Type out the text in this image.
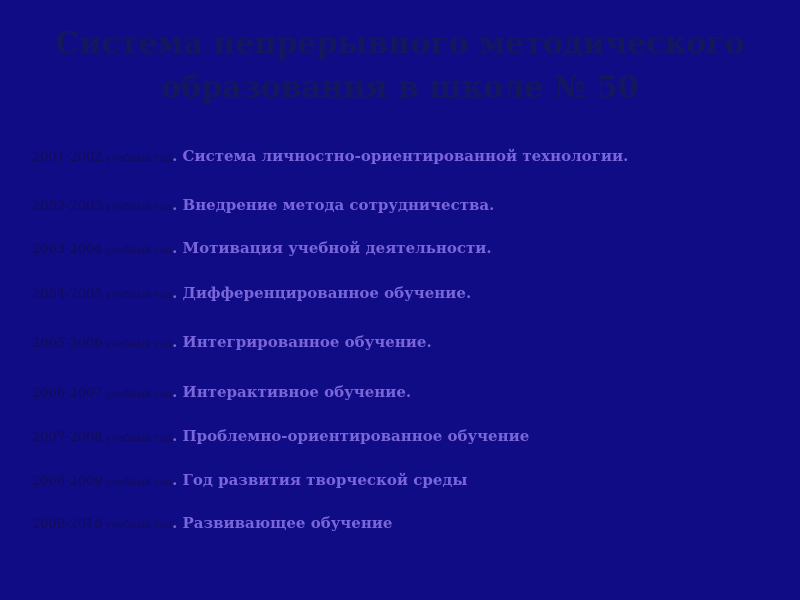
Система непрерывного методического
образования в школе № 50
2001-2002 учебный год. Система личностно-ориентированной технологии.
2002-2003 учебный год. Внедрение метода сотрудничества.
2003-2004 учебный год. Мотивация учебной деятельности.
2004-2005 учебный год. Дифференцированное обучение.
2005-2006 учебный год. Интегрированное обучение.
2006-2007 учебный год. Интерактивное обучение.
2007-2008 учебный год. Проблемно-ориентированное обучение
2008-2009 учебный год. Год развития творческой среды
2009-2010 учебный год. Развивающее обучение
